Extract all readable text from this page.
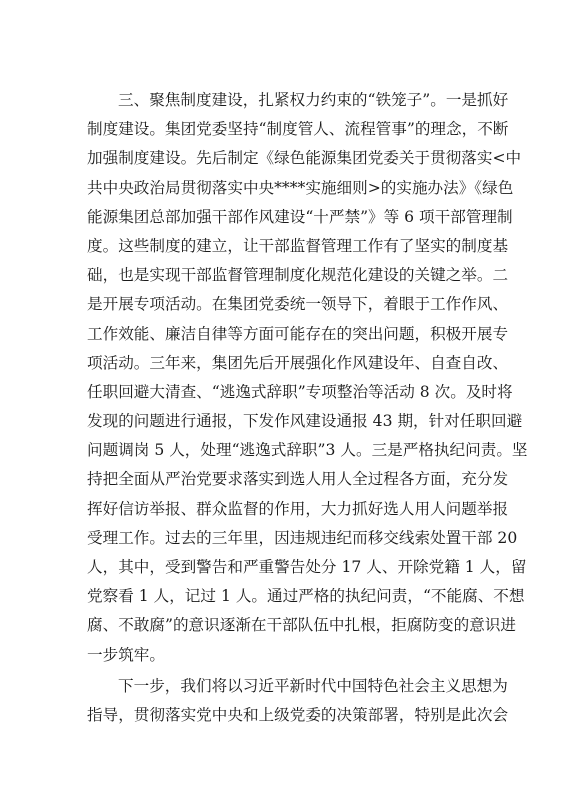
三、聚焦制度建设，扎紧权力约束的“铁笼子”。一是抓好
制度建设。集团党委坚持“制度管人、流程管事”的理念，不断
加强制度建设。先后制定《绿色能源集团党委关于贯彻落实<中
共中央政治局贯彻落实中央****实施细则>的实施办法》《绿色
能源集团总部加强干部作风建设“十严禁”》等 6 项干部管理制
度。这些制度的建立，让干部监督管理工作有了坚实的制度基
础，也是实现干部监督管理制度化规范化建设的关键之举。二
是开展专项活动。在集团党委统一领导下，着眼于工作作风、
工作效能、廉洁自律等方面可能存在的突出问题，积极开展专
项活动。三年来，集团先后开展强化作风建设年、自查自改、
任职回避大清查、“逃逸式辞职”专项整治等活动 8 次。及时将
发现的问题进行通报，下发作风建设通报 43 期，针对任职回避
问题调岗 5 人，处理“逃逸式辞职”3 人。三是严格执纪问责。坚
持把全面从严治党要求落实到选人用人全过程各方面，充分发
挥好信访举报、群众监督的作用，大力抓好选人用人问题举报
受理工作。过去的三年里，因违规违纪而移交线索处置干部 20
人，其中，受到警告和严重警告处分 17 人、开除党籍 1 人，留
党察看 1 人，记过 1 人。通过严格的执纪问责，“不能腐、不想
腐、不敢腐”的意识逐渐在干部队伍中扎根，拒腐防变的意识进
一步筑牢。
下一步，我们将以习近平新时代中国特色社会主义思想为
指导，贯彻落实党中央和上级党委的决策部署，特别是此次会
